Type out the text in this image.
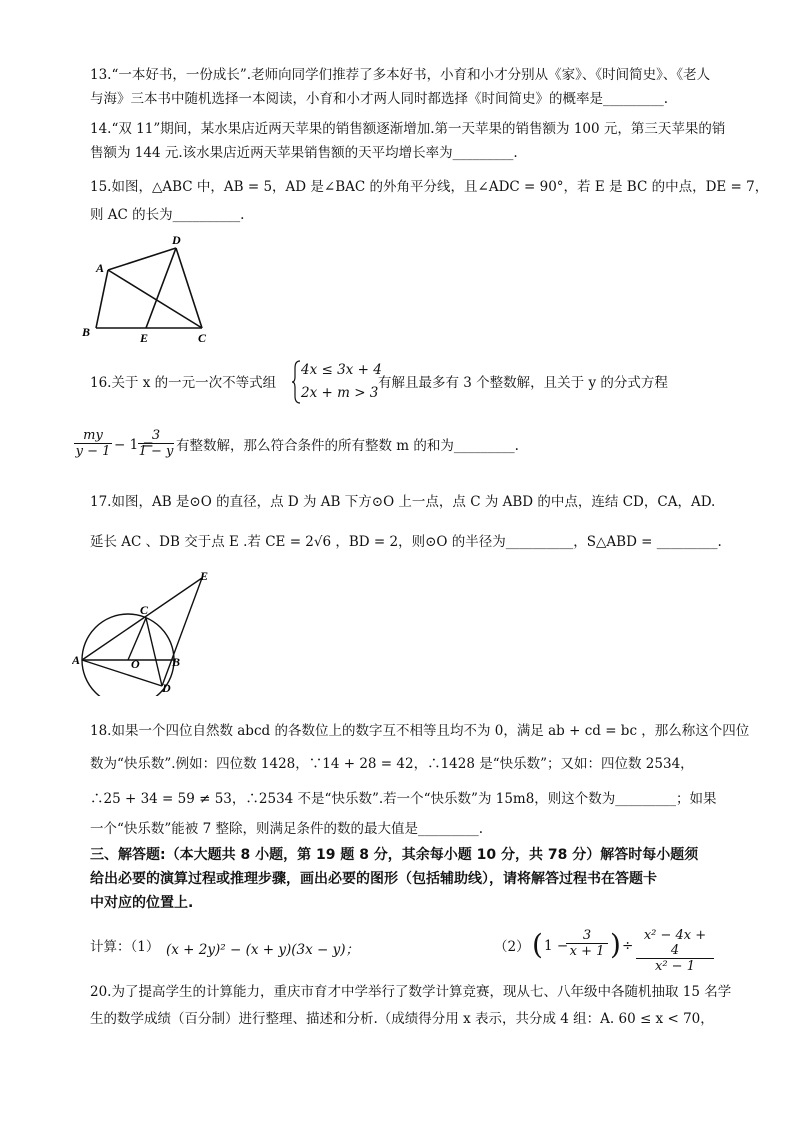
13.“一本好书，一份成长”.老师向同学们推荐了多本好书，小育和小才分别从《家》、《时间简史》、《老人
与海》三本书中随机选择一本阅读，小育和小才两人同时都选择《时间简史》的概率是_________.
14.“双 11”期间，某水果店近两天苹果的销售额逐渐增加.第一天苹果的销售额为 100 元，第三天苹果的销
售额为 144 元.该水果店近两天苹果销售额的天平均增长率为_________.
15.如图，△ABC 中，AB = 5，AD 是∠BAC 的外角平分线，且∠ADC = 90°，若 E 是 BC 的中点，DE = 7，
则 AC 的长为__________.
A
B	C
D
E
16.关于 x 的一元一次不等式组
4x ≤ 3x + 4
2x + m > 3
有解且最多有 3 个整数解，且关于 y 的分式方程
$\frac{my}{y - 1} - 1$ =
$\frac{3}{1 - y}$ 有整数解，那么符合条件的所有整数 m 的和为_________.
17.如图，AB 是⊙O 的直径，点 D 为 AB 下方⊙O 上一点，点 C 为 ABD 的中点，连结 CD，CA，AD.
延长 AC 、DB 交于点 E .若 CE = 2√6 ，BD = 2，则⊙O 的半径为__________，S△ABD = _________.
A	B
C
D
E
O
18.如果一个四位自然数 abcd 的各数位上的数字互不相等且均不为 0，满足 ab + cd = bc ，那么称这个四位
数为“快乐数”.例如：四位数 1428，∵14 + 28 = 42，∴1428 是“快乐数”；又如：四位数 2534，
∴25 + 34 = 59 ≠ 53，∴2534 不是“快乐数”.若一个“快乐数”为 15m8，则这个数为_________；如果
一个“快乐数”能被 7 整除，则满足条件的数的最大值是_________.
三、解答题:（本大题共 8 小题，第 19 题 8 分，其余每小题 10 分，共 78 分）解答时每小题须
给出必要的演算过程或推理步骤，画出必要的图形（包括辅助线），请将解答过程书在答题卡
中对应的位置上.
计算：（1） (x + 2y)² − (x + y)(3x − y)；	（2） ( 1 −
$\frac{3}{x + 1}$ ) ÷ $\frac{\text{x² − 4x + 4}}{\text{x² − 1}}$
20.为了提高学生的计算能力，重庆市育才中学举行了数学计算竞赛，现从七、八年级中各随机抽取 15 名学
生的数学成绩（百分制）进行整理、描述和分析.（成绩得分用 x 表示，共分成 4 组：A. 60 ≤ x < 70，
